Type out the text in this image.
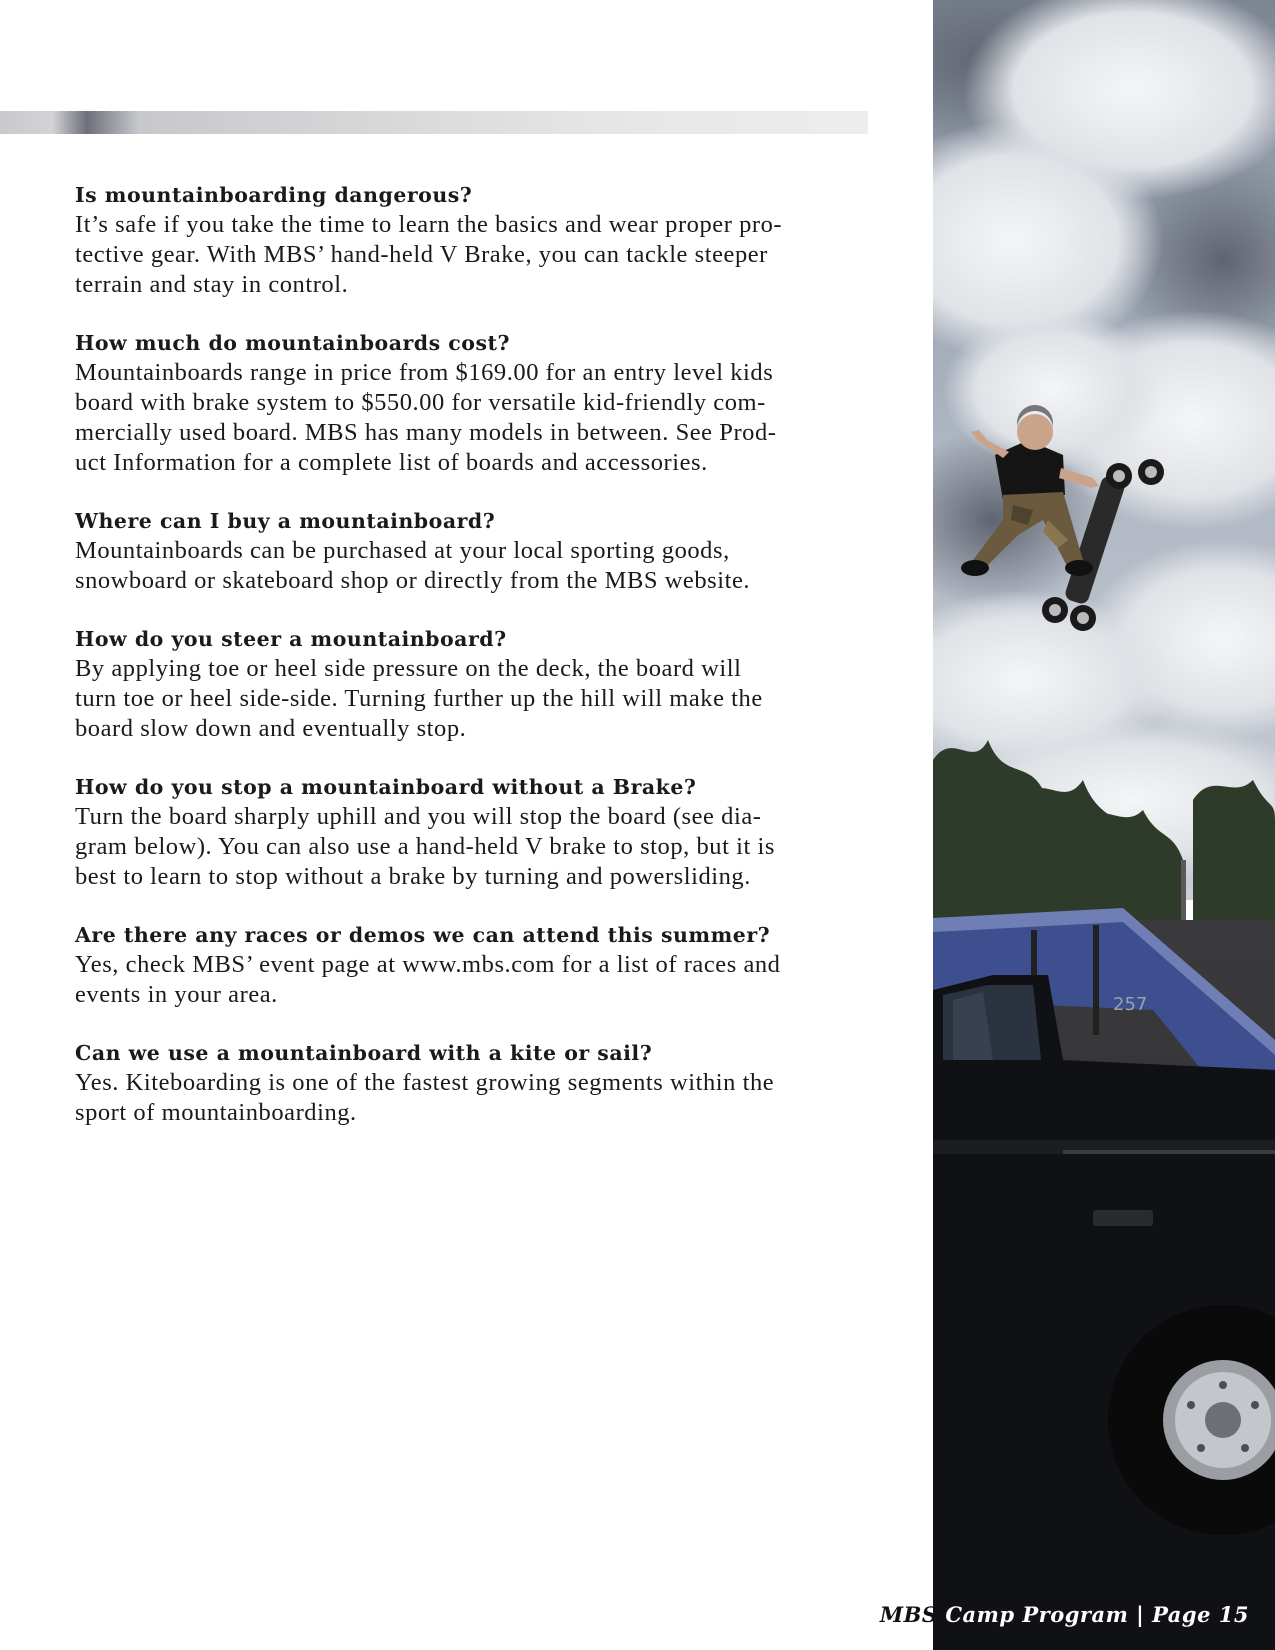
Is mountainboarding dangerous?

It’s safe if you take the time to learn the basics and wear proper pro-
tective gear. With MBS’ hand-held V Brake, you can tackle steeper
terrain and stay in control.

How much do mountainboards cost?

Mountainboards range in price from $169.00 for an entry level kids
board with brake system to $550.00 for versatile kid-friendly com-
mercially used board. MBS has many models in between. See Prod-
uct Information for a complete list of boards and accessories.

Where can I buy a mountainboard?

Mountainboards can be purchased at your local sporting goods,
snowboard or skateboard shop or directly from the MBS website.

How do you steer a mountainboard?

By applying toe or heel side pressure on the deck, the board will
turn toe or heel side-side. Turning further up the hill will make the
board slow down and eventually stop.

How do you stop a mountainboard without a Brake?

Turn the board sharply uphill and you will stop the board (see dia-
gram below). You can also use a hand-held V brake to stop, but it is
best to learn to stop without a brake by turning and powersliding.

Are there any races or demos we can attend this summer?

Yes, check MBS’ event page at www.mbs.com for a list of races and
events in your area.

Can we use a mountainboard with a kite or sail?

Yes. Kiteboarding is one of the fastest growing segments within the
sport of mountainboarding.

257
MBS Camp Program | Page 15
